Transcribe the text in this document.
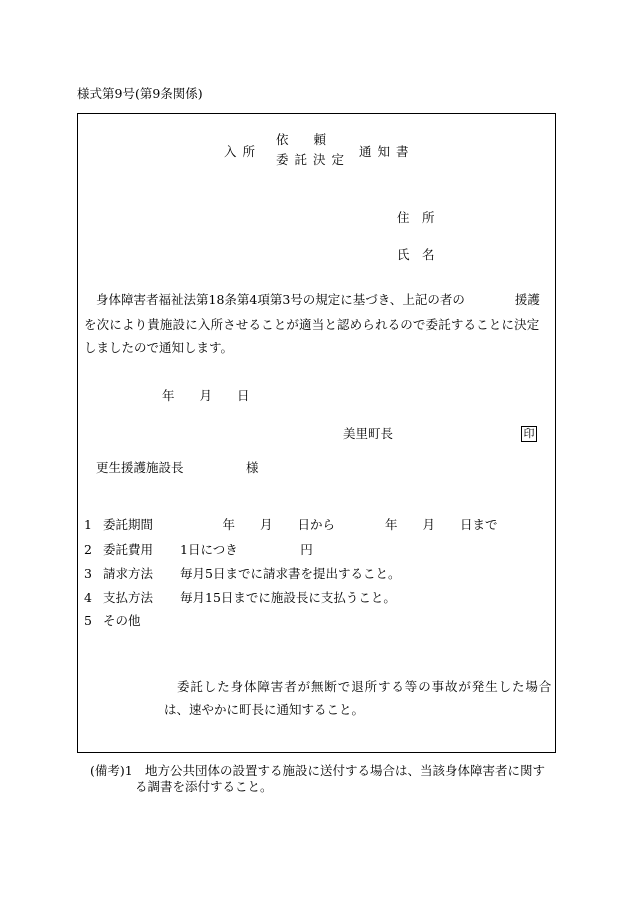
様式第9号(第9条関係)
入所
依　　頼
委託決定
通知書
住　所
氏　名
身体障害者福祉法第18条第4項第3号の規定に基づき、上記の者の　　　　援護
を次により貴施設に入所させることが適当と認められるので委託することに決定
しましたので通知します。
年　　月　　日
美里町長	印
更生援護施設長　　　　　様
1 委託期間 　　　　　年　　月　　日から　　　　年　　月　　日まで
2 委託費用 1日につき　　　　　円
3 請求方法 毎月5日までに請求書を提出すること。
4 支払方法 毎月15日までに施設長に支払うこと。
5 その他
委託した身体障害者が無断で退所する等の事故が発生した場合
は、速やかに町長に通知すること。
(備考)1 地方公共団体の設置する施設に送付する場合は、当該身体障害者に関す
る調書を添付すること。
